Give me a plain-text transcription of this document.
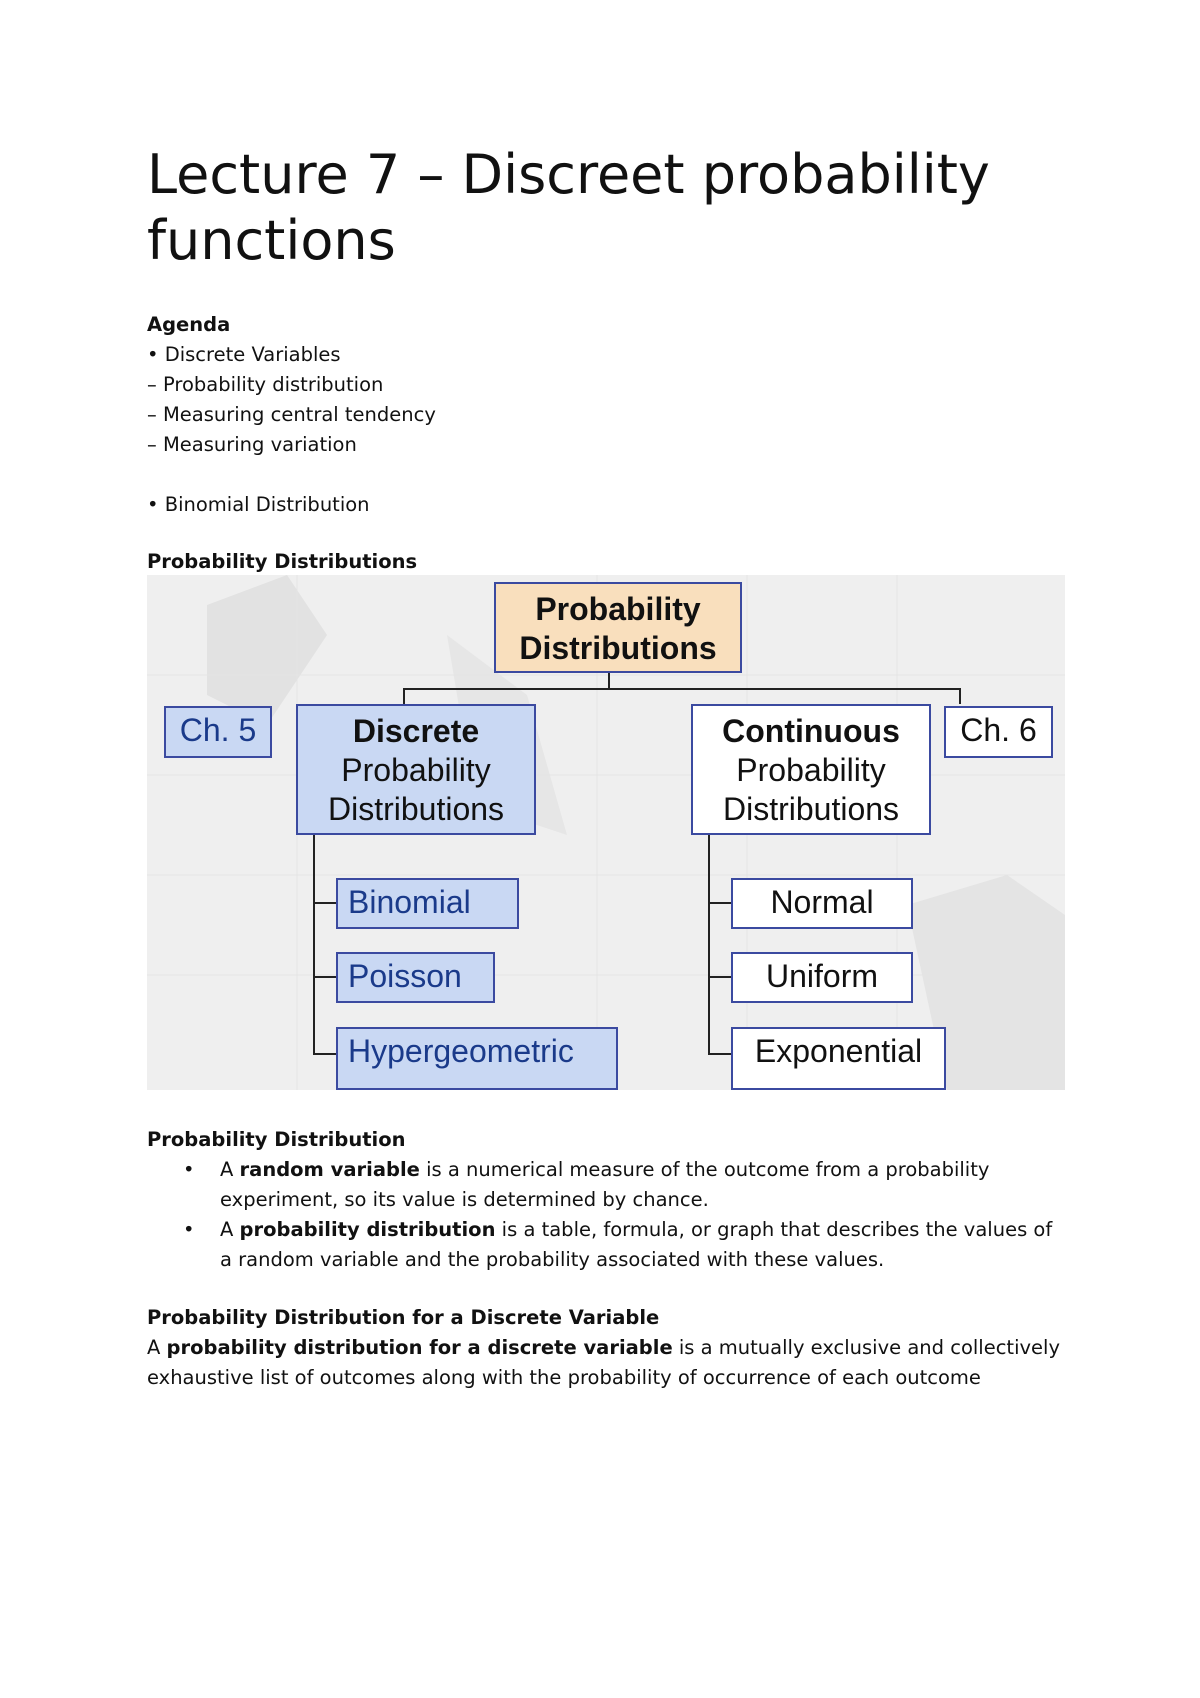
Lecture 7 – Discreet probability functions
Agenda
• Discrete Variables
– Probability distribution
– Measuring central tendency
– Measuring variation
• Binomial Distribution
Probability Distributions
Probability
Distributions
Ch. 5	Discrete
Probability
Distributions
Continuous
Probability
Distributions
Ch. 6
Binomial
Poisson
Hypergeometric
Normal
Uniform
Exponential
Probability Distribution
• A random variable is a numerical measure of the outcome from a probability experiment, so its value is determined by chance.
• A probability distribution is a table, formula, or graph that describes the values of a random variable and the probability associated with these values.
Probability Distribution for a Discrete Variable
A probability distribution for a discrete variable is a mutually exclusive and collectively exhaustive list of outcomes along with the probability of occurrence of each outcome
